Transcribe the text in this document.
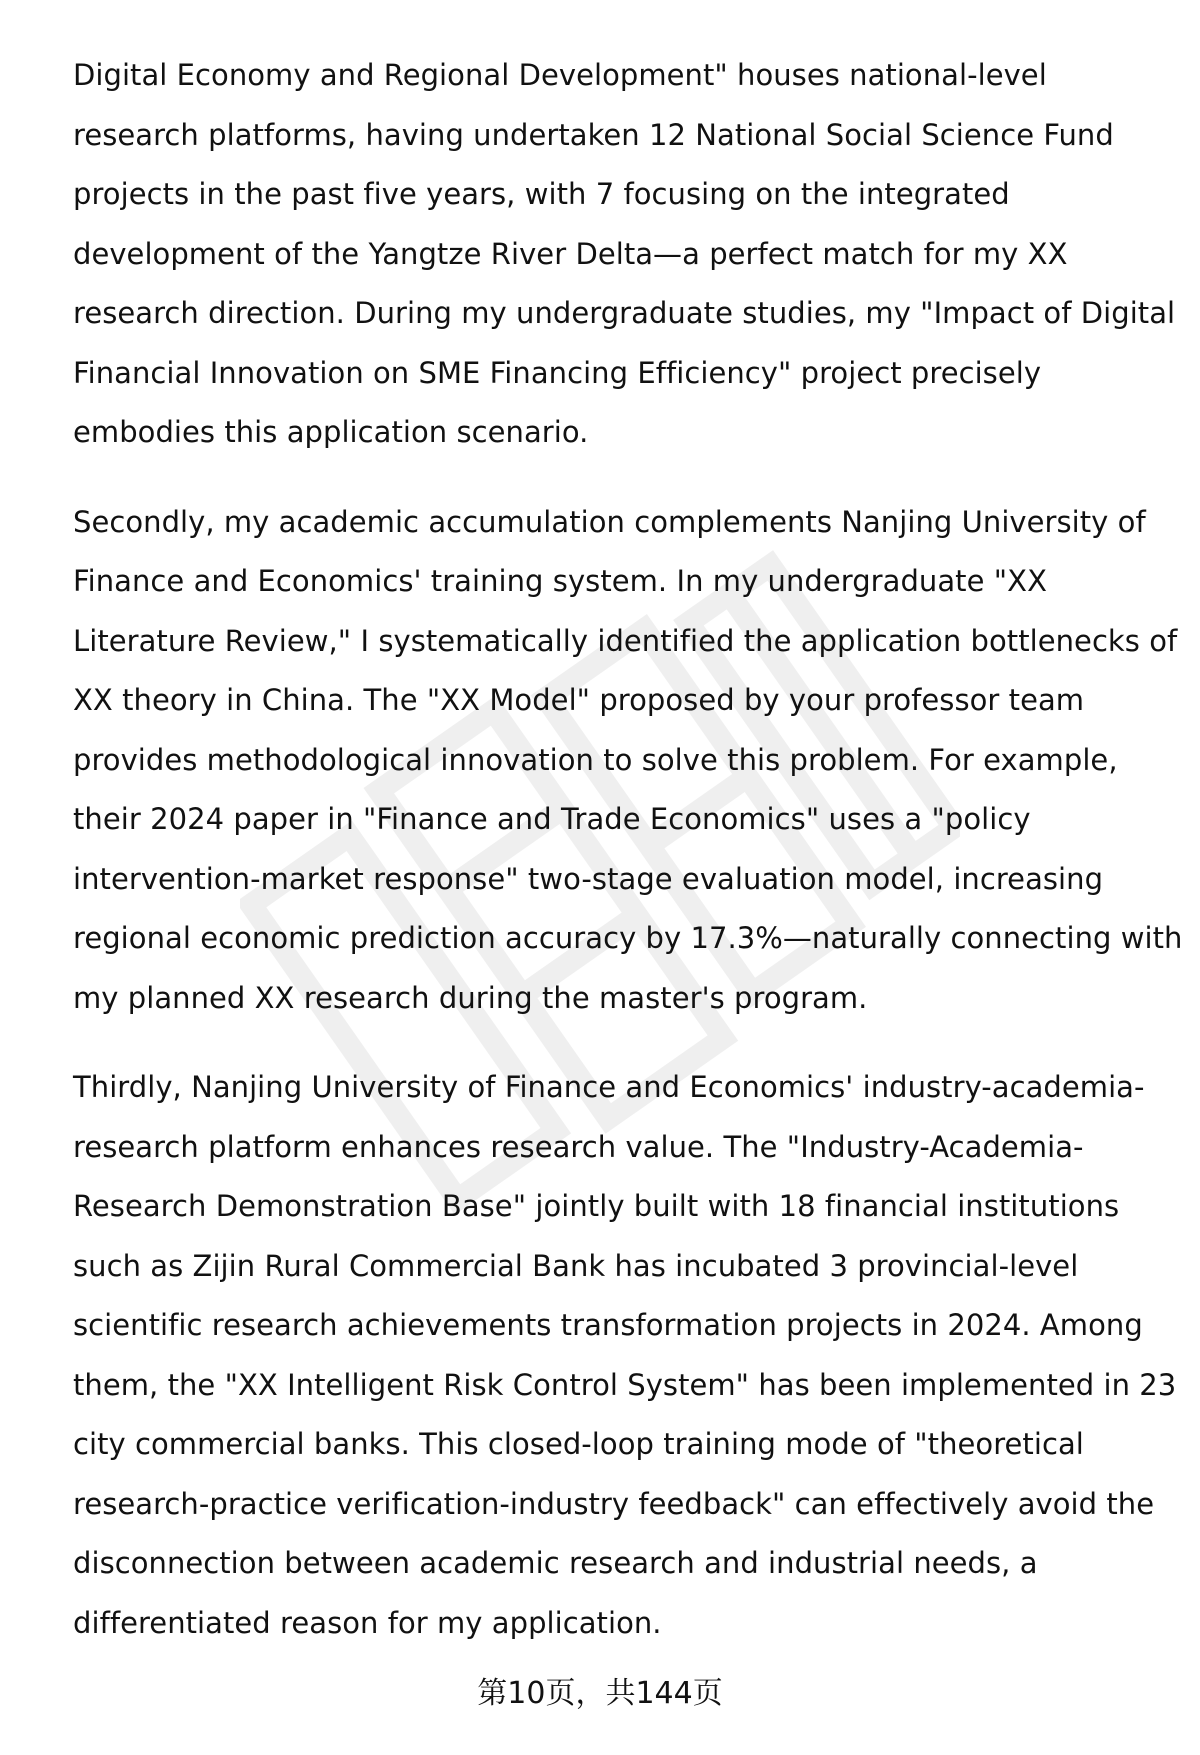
Digital Economy and Regional Development" houses national-level
research platforms, having undertaken 12 National Social Science Fund
projects in the past five years, with 7 focusing on the integrated
development of the Yangtze River Delta—a perfect match for my XX
research direction. During my undergraduate studies, my "Impact of Digital
Financial Innovation on SME Financing Efficiency" project precisely
embodies this application scenario.

Secondly, my academic accumulation complements Nanjing University of
Finance and Economics' training system. In my undergraduate "XX
Literature Review," I systematically identified the application bottlenecks of
XX theory in China. The "XX Model" proposed by your professor team
provides methodological innovation to solve this problem. For example,
their 2024 paper in "Finance and Trade Economics" uses a "policy
intervention-market response" two-stage evaluation model, increasing
regional economic prediction accuracy by 17.3%—naturally connecting with
my planned XX research during the master's program.

Thirdly, Nanjing University of Finance and Economics' industry-academia-
research platform enhances research value. The "Industry-Academia-
Research Demonstration Base" jointly built with 18 financial institutions
such as Zijin Rural Commercial Bank has incubated 3 provincial-level
scientific research achievements transformation projects in 2024. Among
them, the "XX Intelligent Risk Control System" has been implemented in 23
city commercial banks. This closed-loop training mode of "theoretical
research-practice verification-industry feedback" can effectively avoid the
disconnection between academic research and industrial needs, a
differentiated reason for my application.

第10页，共144页
